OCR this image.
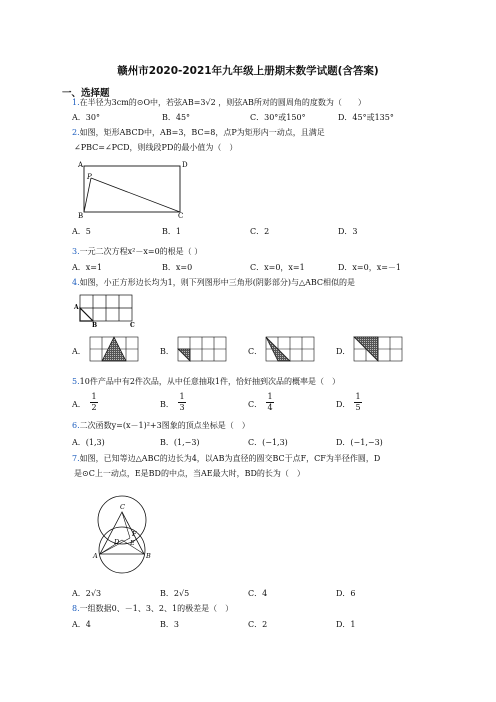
赣州市2020-2021年九年级上册期末数学试题(含答案)
一、选择题
1.在半径为3cm的⊙O中，若弦AB=3√2 ，则弦AB所对的圆周角的度数为（　　）
A．30°	B．45°	C．30°或150°	D．45°或135°
2.如图，矩形ABCD中，AB=3，BC=8，点P为矩形内一动点，且满足
∠PBC=∠PCD，则线段PD的最小值为（　）
A	D
P
B	C
A．5	B．1	C．2	D．3
3.一元二次方程x²－x=0的根是（ ）
A．x=1	B．x=0	C．x=0，x=1	D．x=0，x=－1
4.如图，小正方形边长均为1，则下列图形中三角形(阴影部分)与△ABC相似的是
A
B	C
A．	B．	C．	D．
5.10件产品中有2件次品，从中任意抽取1件，恰好抽到次品的概率是（　）
A．
1
2	B．
1
3	C．
1
4	D．
1
5
6.二次函数y=(x－1)²+3图象的顶点坐标是（　）
A．(1,3)	B．(1,−3)	C．(−1,3)	D．(−1,−3)
7.如图，已知等边△ABC的边长为4，以AB为直径的圆交BC于点F，CF为半径作圆，D
是⊙C上一动点，E是BD的中点，当AE最大时，BD的长为（　）
C
F
D E
A	B
A．2√3	B．2√5	C．4	D．6
8.一组数据0、－1、3、2、1的极差是（　）
A．4	B．3	C．2	D．1
